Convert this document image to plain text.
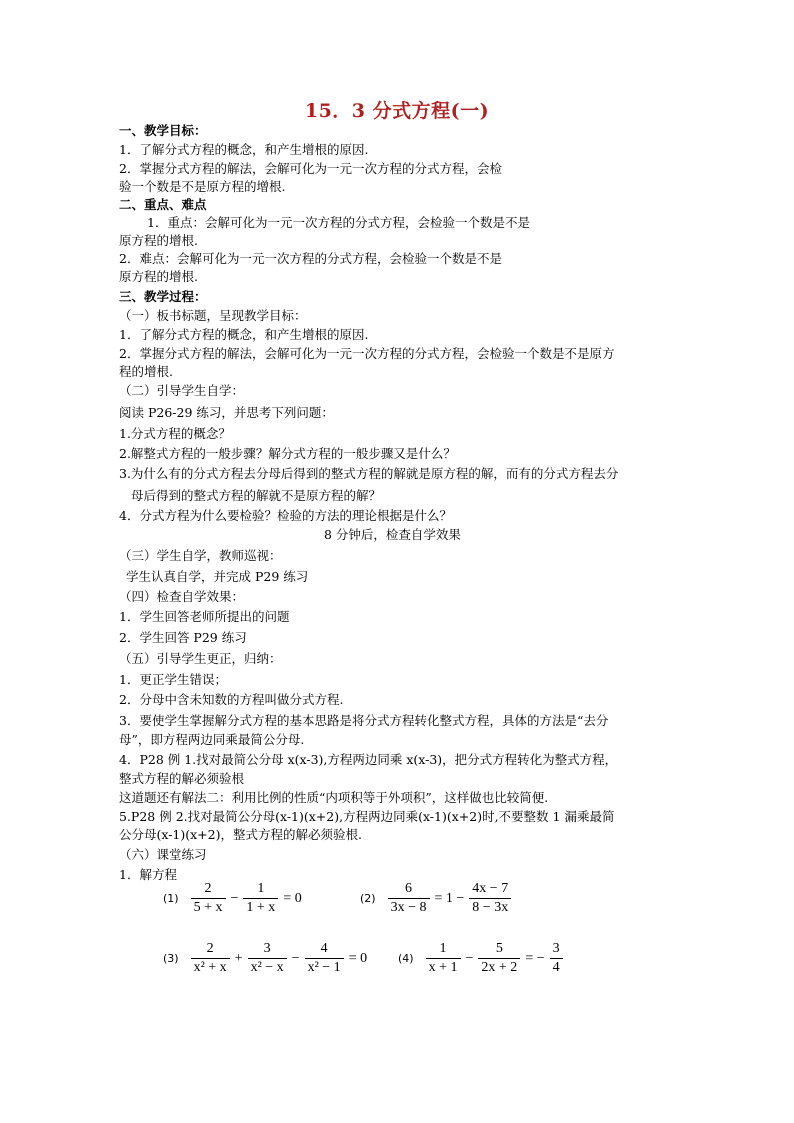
15．3 分式方程(一)
一、教学目标：
1．了解分式方程的概念，和产生增根的原因.
2．掌握分式方程的解法，会解可化为一元一次方程的分式方程，会检
验一个数是不是原方程的增根.
二、重点、难点
1．重点：会解可化为一元一次方程的分式方程，会检验一个数是不是
原方程的增根.
2．难点：会解可化为一元一次方程的分式方程，会检验一个数是不是
原方程的增根.
三、教学过程：
（一）板书标题，呈现教学目标：
1．了解分式方程的概念，和产生增根的原因.
2．掌握分式方程的解法，会解可化为一元一次方程的分式方程，会检验一个数是不是原方
程的增根.
（二）引导学生自学：
阅读 P26-29 练习，并思考下列问题：
1.分式方程的概念？
2.解整式方程的一般步骤？解分式方程的一般步骤又是什么？
3.为什么有的分式方程去分母后得到的整式方程的解就是原方程的解，而有的分式方程去分
母后得到的整式方程的解就不是原方程的解？
4．分式方程为什么要检验？检验的方法的理论根据是什么？
8 分钟后，检查自学效果
（三）学生自学，教师巡视：
学生认真自学，并完成 P29 练习
（四）检查自学效果：
1．学生回答老师所提出的问题
2．学生回答 P29 练习
（五）引导学生更正，归纳：
1．更正学生错误；
2．分母中含未知数的方程叫做分式方程.
3．要使学生掌握解分式方程的基本思路是将分式方程转化整式方程，具体的方法是“去分
母”，即方程两边同乘最简公分母.
4．P28 例 1.找对最简公分母 x(x-3),方程两边同乘 x(x-3)，把分式方程转化为整式方程，
整式方程的解必须验根
这道题还有解法二：利用比例的性质“内项积等于外项积”，这样做也比较简便.
5.P28 例 2.找对最简公分母(x-1)(x+2),方程两边同乘(x-1)(x+2)时,不要整数 1 漏乘最简
公分母(x-1)(x+2)，整式方程的解必须验根.
（六）课堂练习
1．解方程
$(1) \frac{2}{5 + x} - \frac{1}{1 + x} = 0$	$(2) \frac{6}{3x - 8} = 1 - \frac{4x - 7}{8 - 3x}$
$(3) \frac{2}{\text{x² + x}} + \frac{3}{\text{x² − x}} - \frac{4}{\text{x² − 1}} = 0$	$(4) \frac{1}{x + 1} - \frac{5}{2x + 2}$ = − $\frac{3}{4}$
